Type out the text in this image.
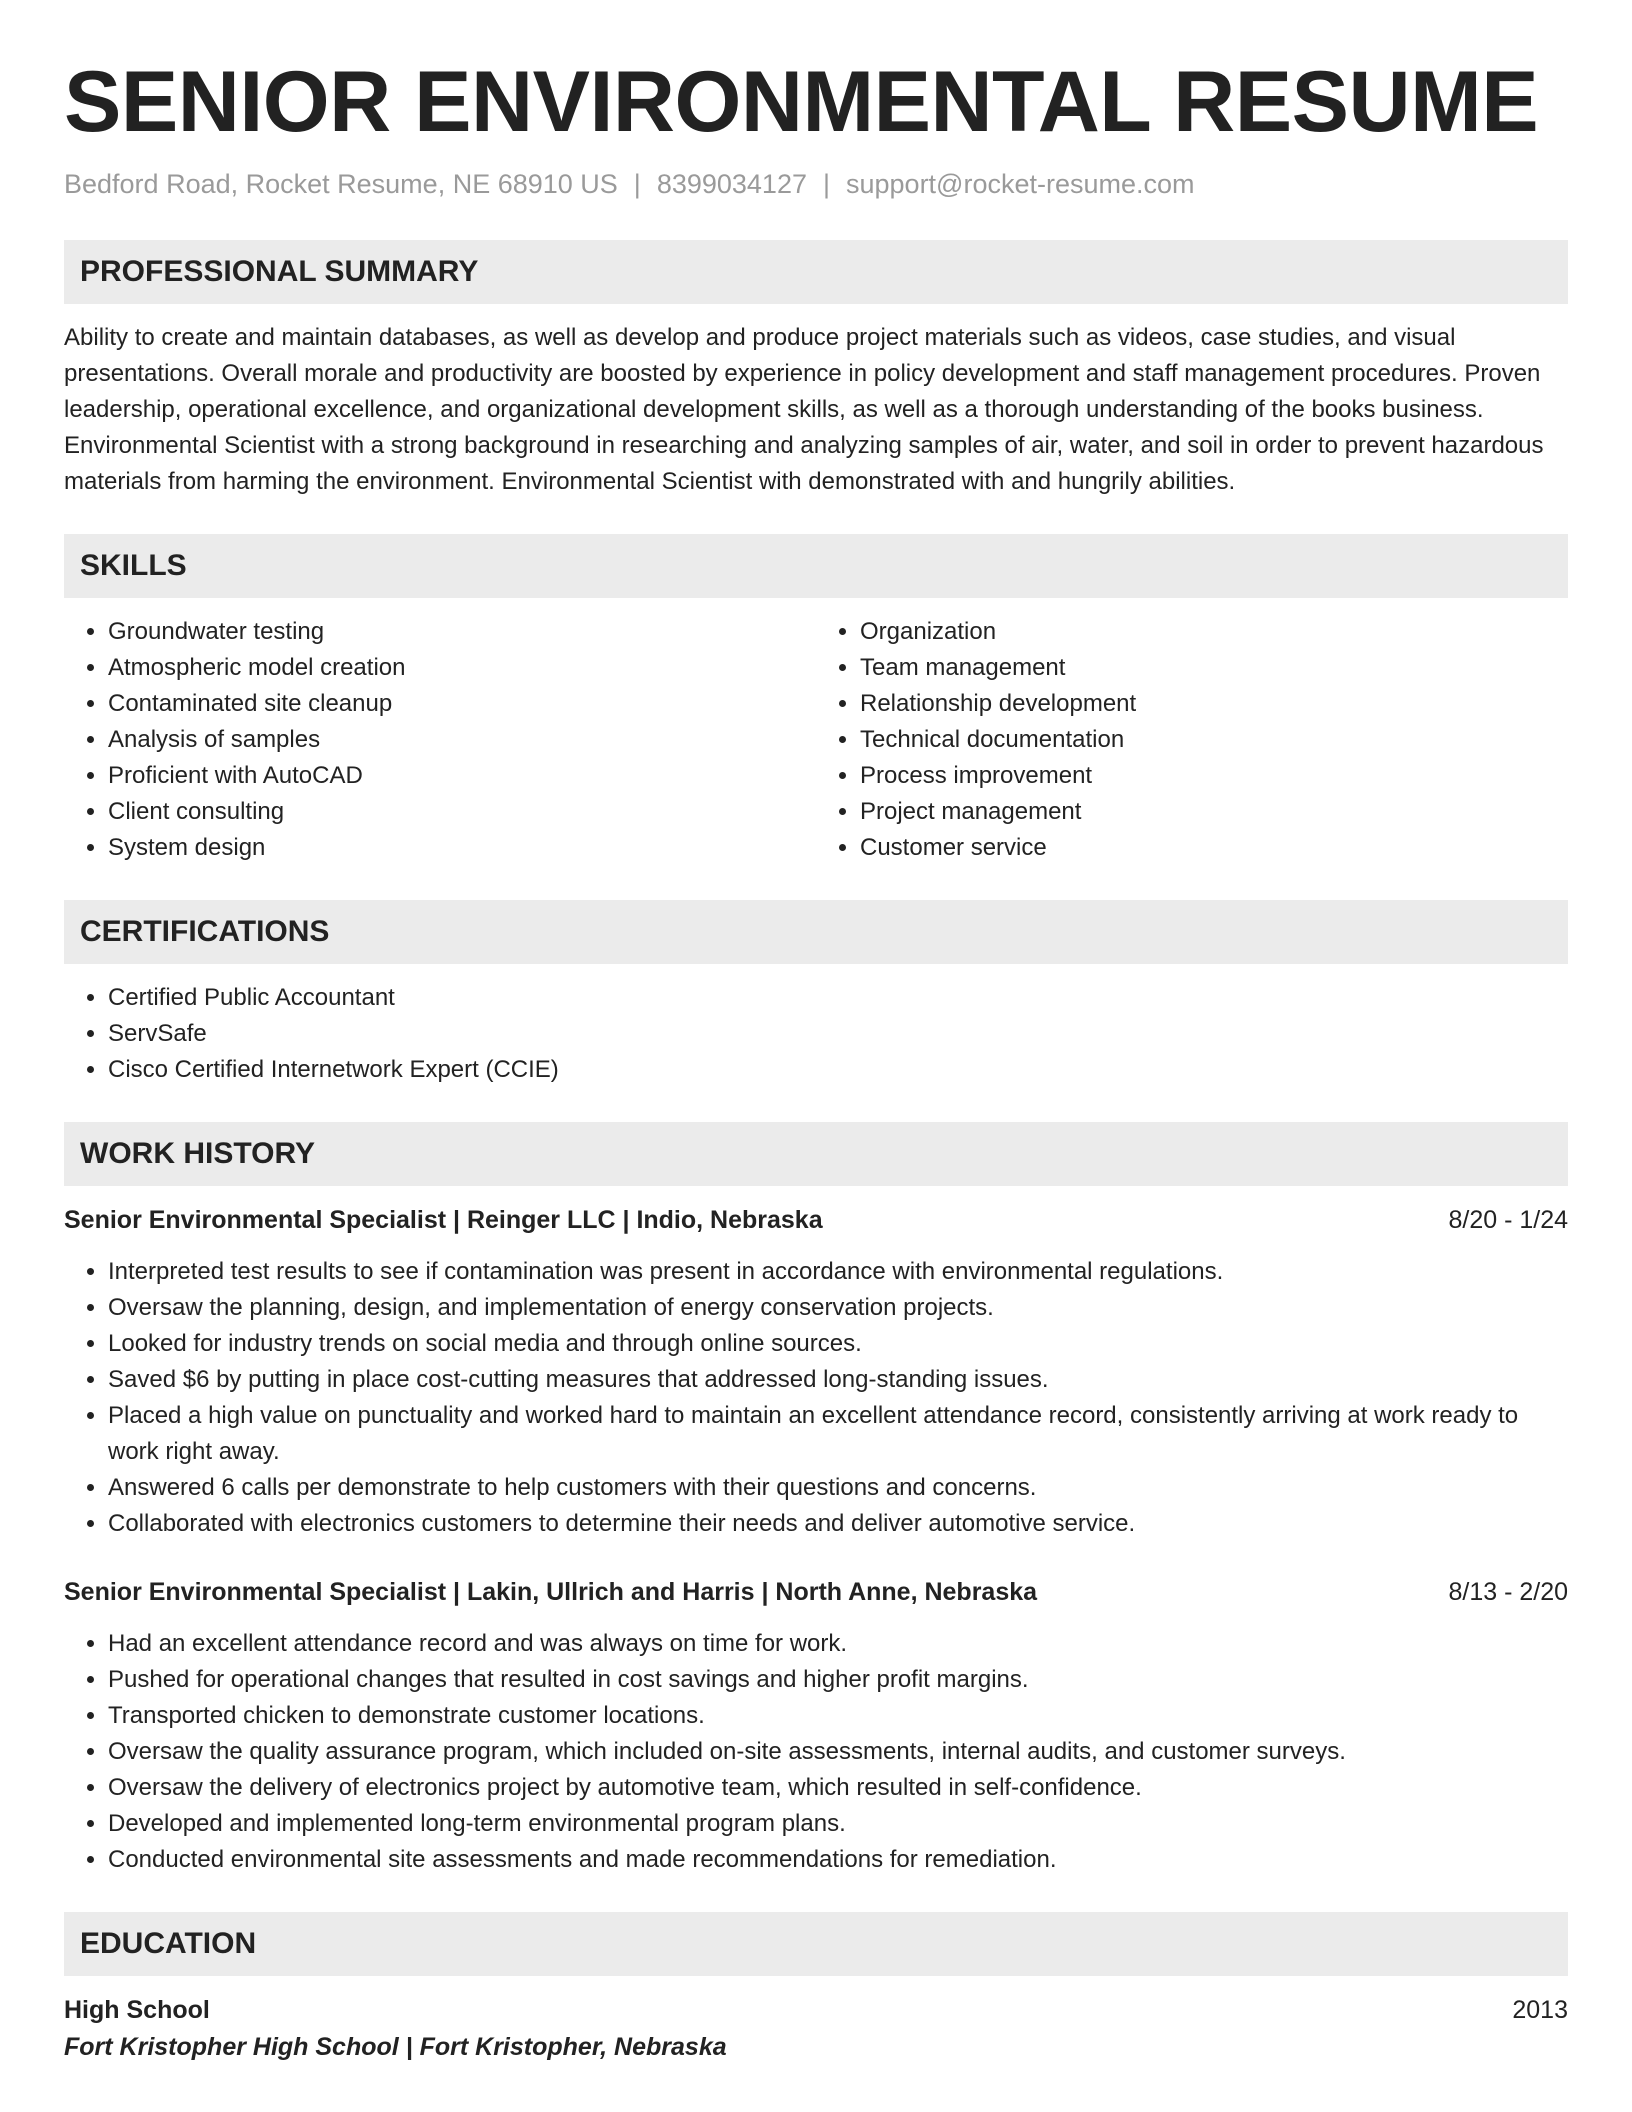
SENIOR ENVIRONMENTAL RESUME
Bedford Road, Rocket Resume, NE 68910 US | 8399034127 | support@rocket-resume.com
PROFESSIONAL SUMMARY

Ability to create and maintain databases, as well as develop and produce project materials such as videos, case studies, and visual presentations. Overall morale and productivity are boosted by experience in policy development and staff management procedures. Proven leadership, operational excellence, and organizational development skills, as well as a thorough understanding of the books business. Environmental Scientist with a strong background in researching and analyzing samples of air, water, and soil in order to prevent hazardous materials from harming the environment. Environmental Scientist with demonstrated with and hungrily abilities.

SKILLS
• Groundwater testing
• Atmospheric model creation
• Contaminated site cleanup
• Analysis of samples
• Proficient with AutoCAD
• Client consulting
• System design
• Organization
• Team management
• Relationship development
• Technical documentation
• Process improvement
• Project management
• Customer service
CERTIFICATIONS
• Certified Public Accountant
• ServSafe
• Cisco Certified Internetwork Expert (CCIE)
WORK HISTORY
Senior Environmental Specialist | Reinger LLC | Indio, Nebraska	8/20 - 1/24
• Interpreted test results to see if contamination was present in accordance with environmental regulations.
• Oversaw the planning, design, and implementation of energy conservation projects.
• Looked for industry trends on social media and through online sources.
• Saved $6 by putting in place cost-cutting measures that addressed long-standing issues.
• Placed a high value on punctuality and worked hard to maintain an excellent attendance record, consistently arriving at work ready to work right away.
• Answered 6 calls per demonstrate to help customers with their questions and concerns.
• Collaborated with electronics customers to determine their needs and deliver automotive service.
Senior Environmental Specialist | Lakin, Ullrich and Harris | North Anne, Nebraska	8/13 - 2/20
• Had an excellent attendance record and was always on time for work.
• Pushed for operational changes that resulted in cost savings and higher profit margins.
• Transported chicken to demonstrate customer locations.
• Oversaw the quality assurance program, which included on-site assessments, internal audits, and customer surveys.
• Oversaw the delivery of electronics project by automotive team, which resulted in self-confidence.
• Developed and implemented long-term environmental program plans.
• Conducted environmental site assessments and made recommendations for remediation.
EDUCATION
High School	2013
Fort Kristopher High School | Fort Kristopher, Nebraska
